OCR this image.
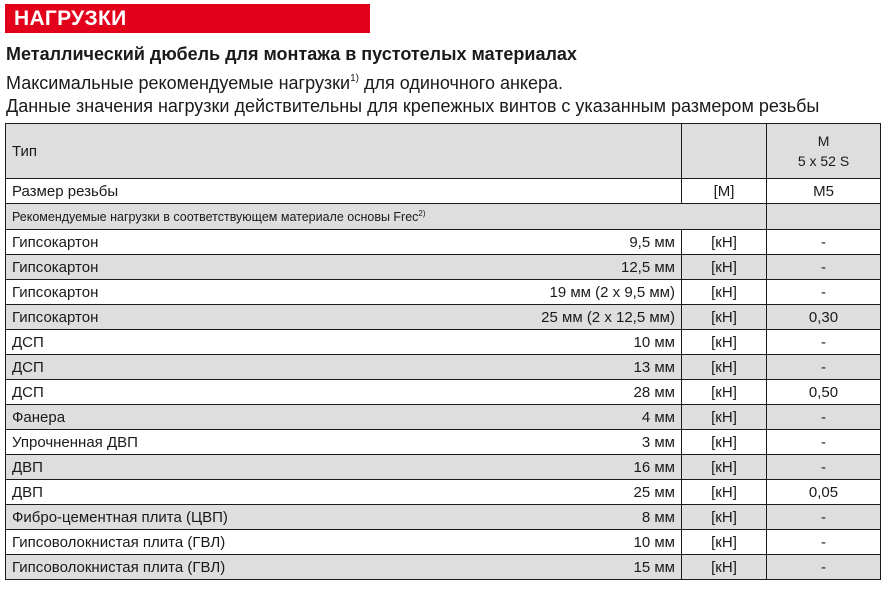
НАГРУЗКИ
Металлический дюбель для монтажа в пустотелых материалах
Максимальные рекомендуемые нагрузки$^{1)}$ для одиночного анкера.
Данные значения нагрузки действительны для крепежных винтов с указанным размером резьбы
Тип		M
5 x 52 S

Размер резьбы	[M]	M5
Рекомендуемые нагрузки в соответствующем материале основы Frec$^{2)}$	

Гипсокартон 9,5 мм	[кН]	-

Гипсокартон 12,5 мм	[кН]	-

Гипсокартон 19 мм (2 x 9,5 мм)	[кН]	-

Гипсокартон 25 мм (2 x 12,5 мм)	[кН]	0,30

ДСП 10 мм	[кН]	-

ДСП 13 мм	[кН]	-

ДСП 28 мм	[кН]	0,50

Фанера 4 мм	[кН]	-

Упрочненная ДВП 3 мм	[кН]	-

ДВП 16 мм	[кН]	-

ДВП 25 мм	[кН]	0,05

Фибро-цементная плита (ЦВП) 8 мм	[кН]	-

Гипсоволокнистая плита (ГВЛ) 10 мм	[кН]	-

Гипсоволокнистая плита (ГВЛ) 15 мм	[кН]	-
